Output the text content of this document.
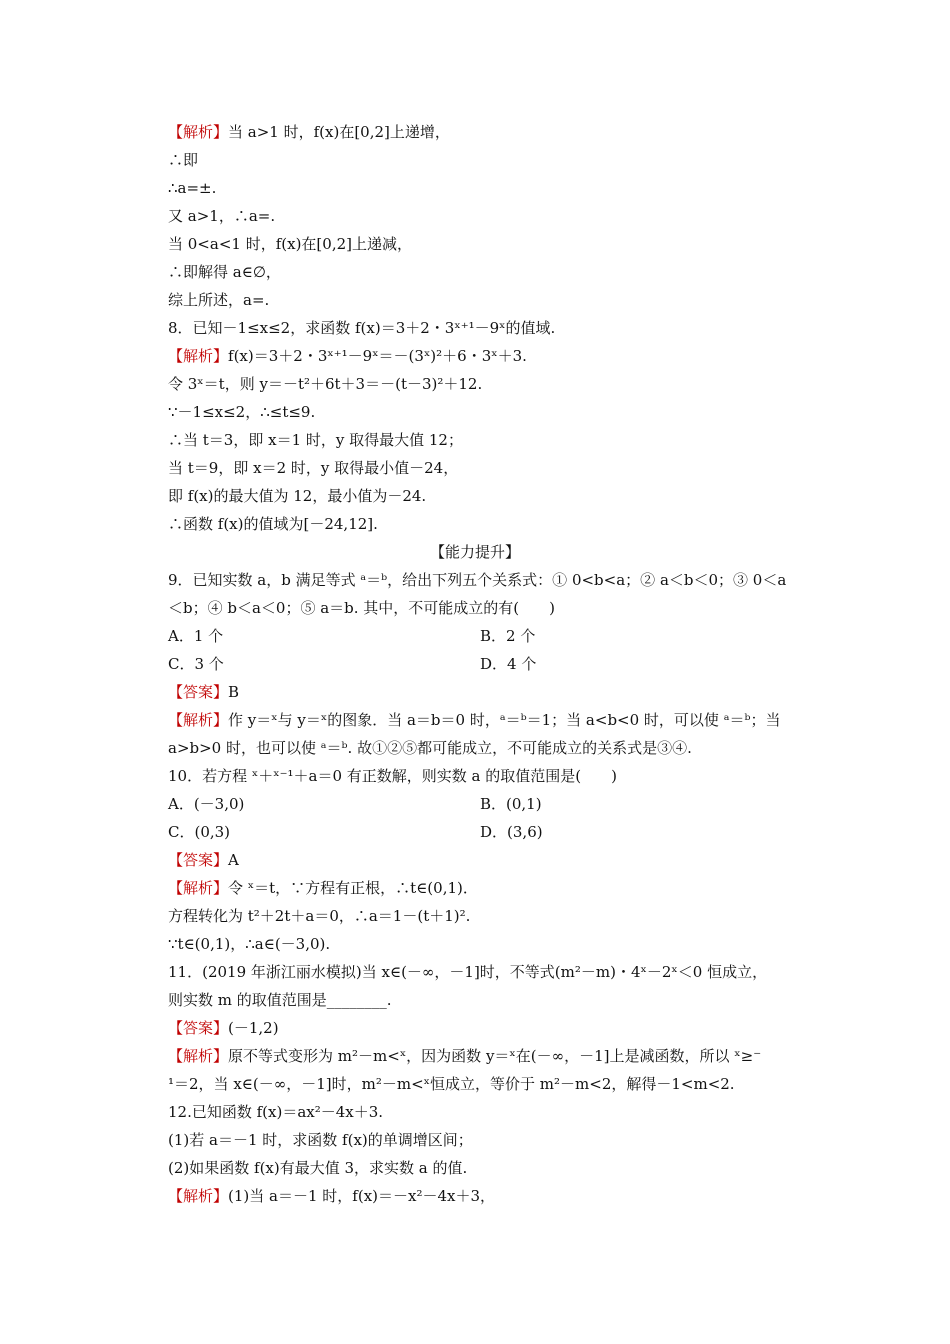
【解析】当 a>1 时，f(x)在[0,2]上递增，
∴即
∴a=±.
又 a>1，∴a=.
当 0<a<1 时，f(x)在[0,2]上递减，
∴即解得 a∈∅，
综上所述，a=.
8．已知－1≤x≤2，求函数 f(x)＝3＋2・3ˣ⁺¹－9ˣ的值域.
【解析】f(x)＝3＋2・3ˣ⁺¹－9ˣ＝－(3ˣ)²＋6・3ˣ＋3.
令 3ˣ＝t，则 y＝－t²＋6t＋3＝－(t－3)²＋12.
∵－1≤x≤2，∴≤t≤9.
∴当 t＝3，即 x＝1 时，y 取得最大值 12；
当 t＝9，即 x＝2 时，y 取得最小值－24，
即 f(x)的最大值为 12，最小值为－24.
∴函数 f(x)的值域为[－24,12].
【能力提升】
9．已知实数 a，b 满足等式 ᵃ＝ᵇ，给出下列五个关系式：① 0<b<a；② a＜b＜0；③ 0＜a
＜b；④ b＜a＜0；⑤ a＝b. 其中，不可能成立的有(　　)
A．1 个	B．2 个
C．3 个	D．4 个
【答案】B
【解析】作 y＝ˣ与 y＝ˣ的图象．当 a＝b＝0 时，ᵃ＝ᵇ＝1；当 a<b<0 时，可以使 ᵃ＝ᵇ；当
a>b>0 时，也可以使 ᵃ＝ᵇ. 故①②⑤都可能成立，不可能成立的关系式是③④.
10．若方程 ˣ＋ˣ⁻¹＋a＝0 有正数解，则实数 a 的取值范围是(　　)
A．(－3,0)	B．(0,1)
C．(0,3)	D．(3,6)
【答案】A
【解析】令 ˣ＝t，∵方程有正根，∴t∈(0,1)．
方程转化为 t²＋2t＋a＝0，∴a＝1－(t＋1)².
∵t∈(0,1)，∴a∈(－3,0).
11．(2019 年浙江丽水模拟)当 x∈(－∞，－1]时，不等式(m²－m)・4ˣ－2ˣ＜0 恒成立，
则实数 m 的取值范围是________.
【答案】(－1,2)
【解析】原不等式变形为 m²－m<ˣ，因为函数 y＝ˣ在(－∞，－1]上是减函数，所以 ˣ≥⁻
¹＝2，当 x∈(－∞，－1]时，m²－m<ˣ恒成立，等价于 m²－m<2，解得－1<m<2.
12.已知函数 f(x)＝ax²－4x＋3.
(1)若 a＝－1 时，求函数 f(x)的单调增区间；
(2)如果函数 f(x)有最大值 3，求实数 a 的值.
【解析】(1)当 a＝－1 时，f(x)＝－x²－4x＋3，
